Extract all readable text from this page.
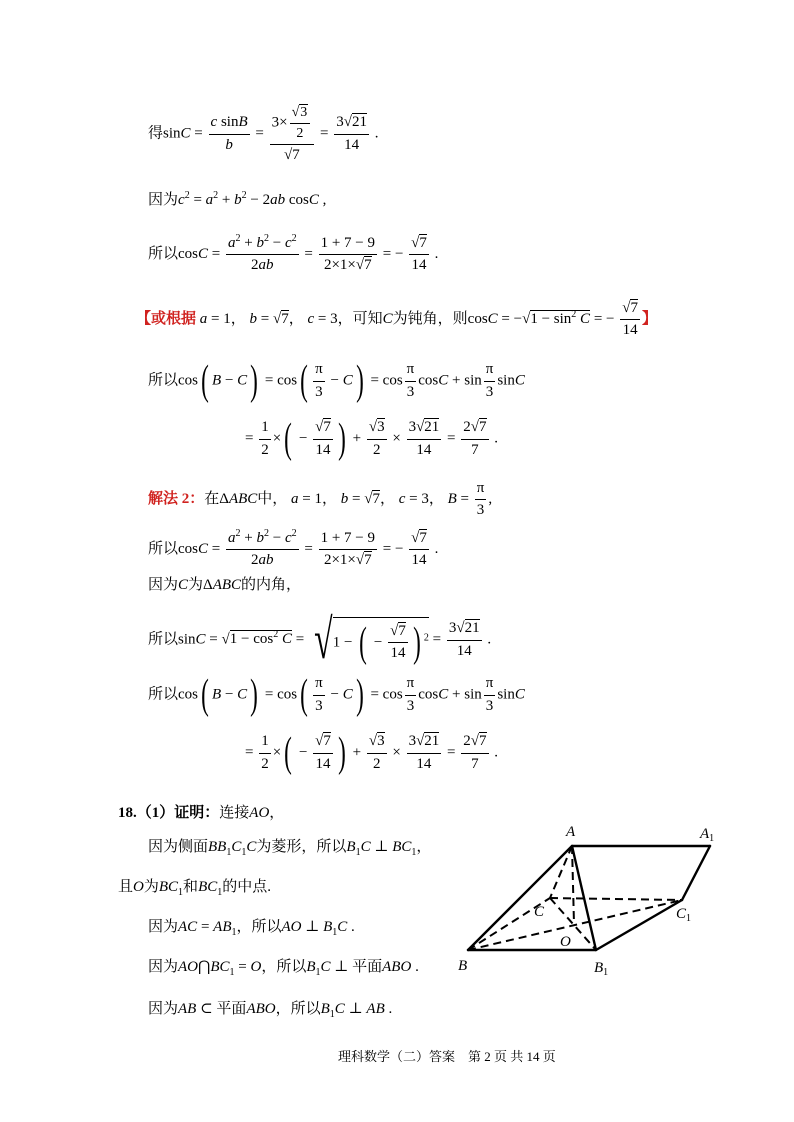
得$\sin C = \frac{\text{c sinB}}{b} = \frac{3\times \frac{√3}{2}}{√7} = \frac{3√21}{14}$ .
因为$c^2 = a^2 + b^2 - 2ab$ cosC ,
所以$\cos C = \frac{a^2 + b^2 - c^2}{2ab} = \frac{1 + 7 - 9}{2\times 1\times√7}$ = − $\frac{√7}{14}$ .
【或根据 a = 1， b = √7， c = 3，可知C为钝角，则$\cos C = -√1 - \sin^2 C$ = − $\frac{√7}{14}$ 】
所以cos( $B - C) = \cos( \frac{\pi}{3} - C) = \cos \frac{\pi}{3}$ $\cos C + \sin \frac{\pi}{3}$ sinC
= $\frac{1}{2}$ ×( − $\frac{√7}{14}$ ) + $\frac{√3}{2} \times \frac{3√21}{14} = \frac{2√7}{7}$ .
解法 2：在ΔABC中， a = 1， b = √7， c = 3， $B = \frac{\pi}{3}$ ,
所以$\cos C = \frac{a^2 + b^2 - c^2}{2ab} = \frac{1 + 7 - 9}{2\times 1\times√7}$ = − $\frac{√7}{14}$ .
因为C为ΔABC的内角，
所以$\sin C = √1 - \cos^2 C = √1$ − ( − $\frac{√7}{14}$ ) $^2 = \frac{3√21}{14}$ .
所以cos( $B - C) = \cos( \frac{\pi}{3} - C) = \cos \frac{\pi}{3}$ $\cos C + \sin \frac{\pi}{3}$ sinC
= $\frac{1}{2}$ ×( − $\frac{√7}{14}$ ) + $\frac{√3}{2} \times \frac{3√21}{14} = \frac{2√7}{7}$ .
18.（1）证明：连接AO，
因为侧面$BB_1C_1C$为菱形，所以$B_1C$ ⊥ $BC_1$，
且O为$BC_1$和$BC_1$的中点.
因为AC = $AB_1$，所以AO ⊥ $B_1C$ .
因为$AO⋂BC_1 = O$，所以$B_1C$ ⊥ 平面ABO .
因为AB ⊂ 平面ABO，所以$B_1C$ ⊥ AB .
A	$A_1$
C	$C_1$
O
B	$B_1$
理科数学（二）答案　第 2 页 共 14 页
